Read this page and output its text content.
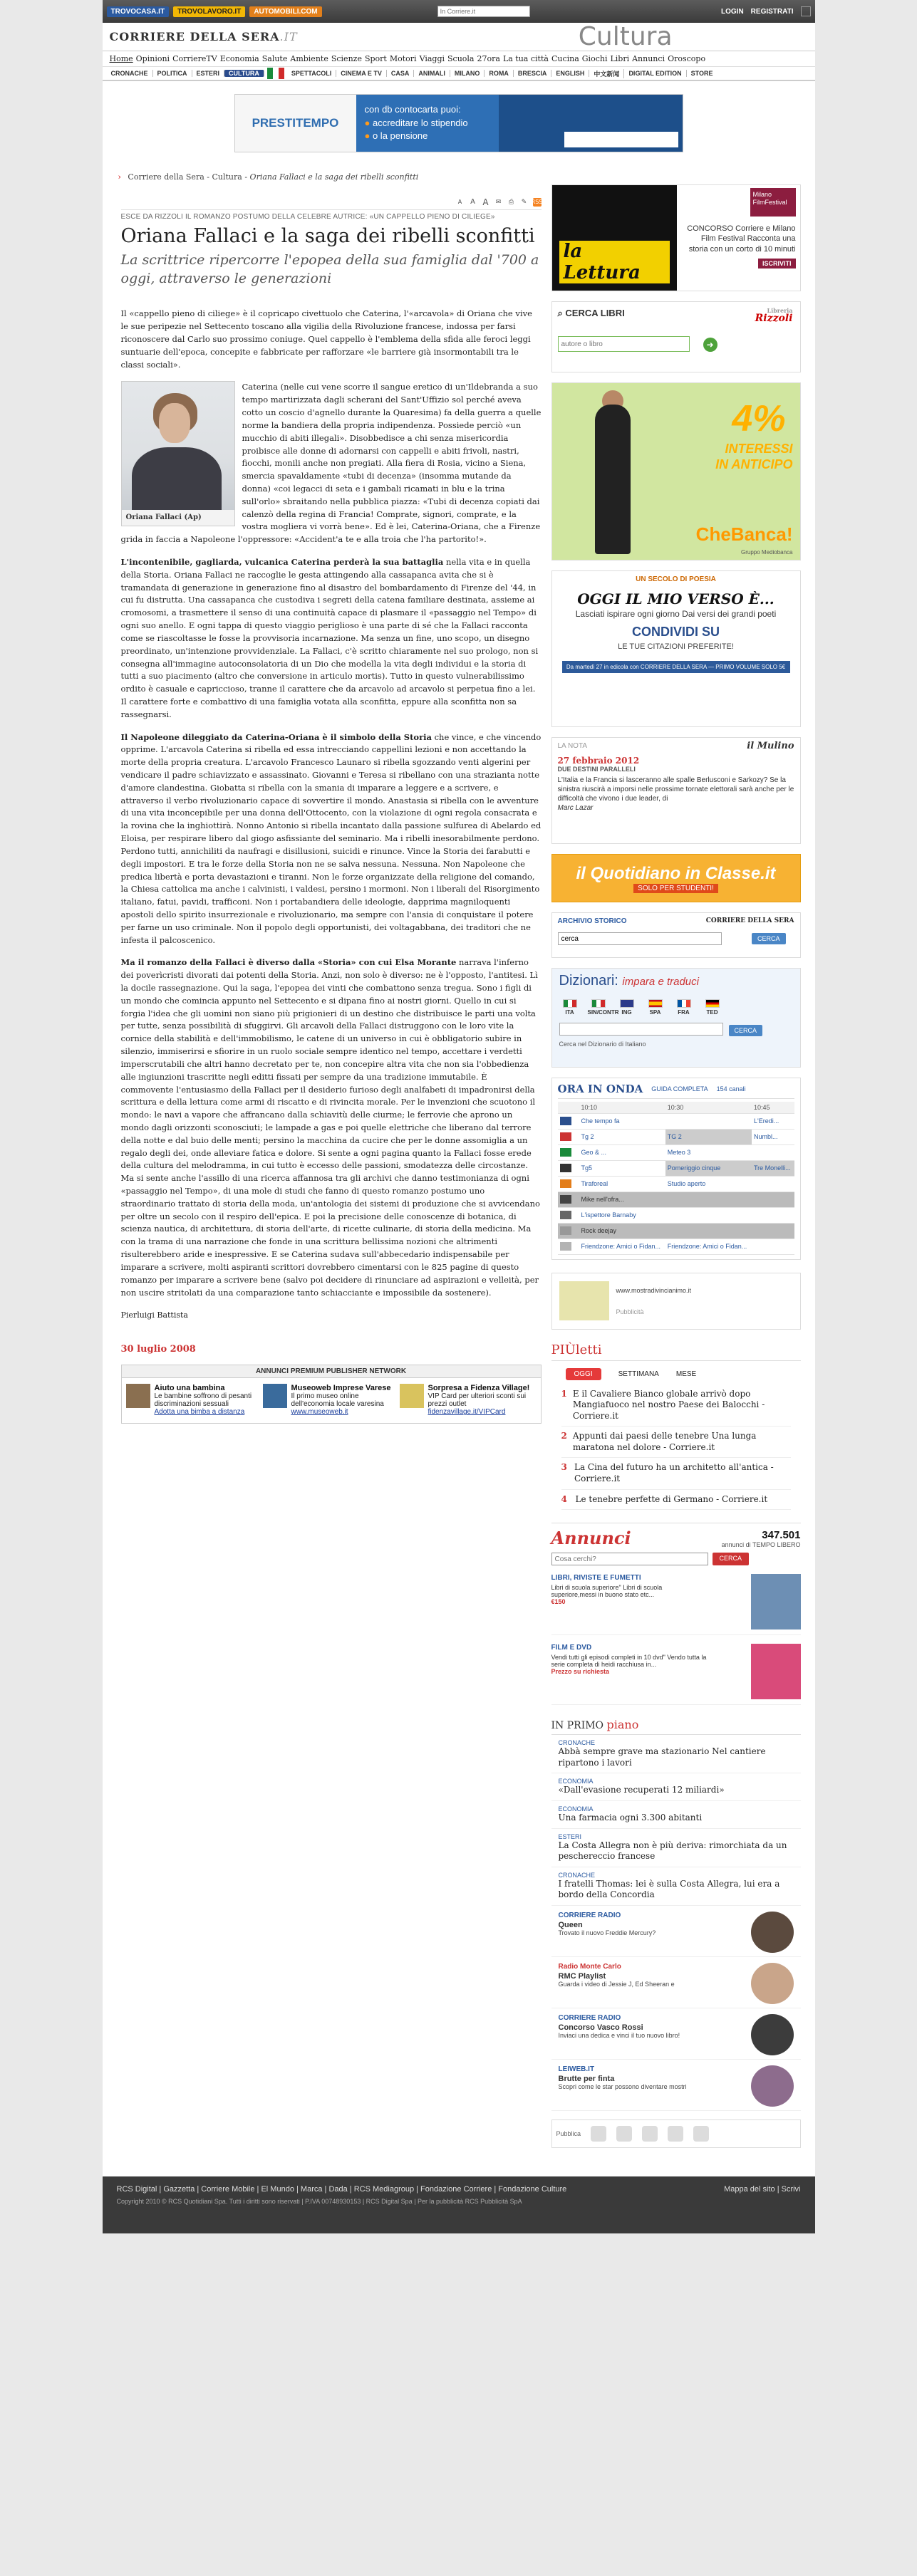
TROVOCASA.IT	TROVOLAVORO.IT	AUTOMOBILI.COM
In Corriere.it	LOGIN REGISTRATI
CORRIERE DELLA SERA.IT	Cultura
Home Opinioni CorriereTV Economia Salute Ambiente Scienze Sport Motori Viaggi Scuola 27ora La tua città Cucina Giochi Libri Annunci Oroscopo
CRONACHE	POLITICA	ESTERI	CULTURA	SPETTACOLI	CINEMA E TV	CASA	ANIMALI	MILANO	ROMA	BRESCIA	ENGLISH	中文新闻	DIGITAL EDITION	STORE
PRESTITEMPO
con db contocarta puoi:
● accreditare lo stipendio
● o la pensione
› Corriere della Sera - Cultura - Oriana Fallaci e la saga dei ribelli sconfitti
A	A A ✉ ⎙ ✎ RSS
ESCE DA RIZZOLI IL ROMANZO POSTUMO DELLA CELEBRE AUTRICE: «UN CAPPELLO PIENO DI CILIEGE»
Oriana Fallaci e la saga dei ribelli sconfitti
La scrittrice ripercorre l'epopea della sua famiglia dal '700 a oggi, attraverso le generazioni

Il «cappello pieno di ciliege» è il copricapo civettuolo che Caterina, l'«arcavola» di Oriana che vive le sue peripezie nel Settecento toscano alla vigilia della Rivoluzione francese, indossa per farsi riconoscere dal Carlo suo prossimo coniuge. Quel cappello è l'emblema della sfida alle feroci leggi suntuarie dell'epoca, concepite e fabbricate per rafforzare «le barriere già insormontabili tra le classi sociali».

Oriana Fallaci (Ap)

Caterina (nelle cui vene scorre il sangue eretico di un'Ildebranda a suo tempo martirizzata dagli scherani del Sant'Uffizio sol perché aveva cotto un coscio d'agnello durante la Quaresima) fa della guerra a quelle norme la bandiera della propria indipendenza. Possiede perciò «un mucchio di abiti illegali». Disobbedisce a chi senza misericordia proibisce alle donne di adornarsi con cappelli e abiti frivoli, nastri, fiocchi, monili anche non pregiati. Alla fiera di Rosia, vicino a Siena, smercia spavaldamente «tubi di decenza» (insomma mutande da donna) «coi legacci di seta e i gambali ricamati in blu e la trina sull'orlo» sbraitando nella pubblica piazza: «Tubi di decenza copiati dai calenzò della regina di Francia! Comprate, signori, comprate, e la vostra mogliera vi vorrà bene». Ed è lei, Caterina-Oriana, che a Firenze grida in faccia a Napoleone l'oppressore: «Accident'a te e alla troia che l'ha partorito!».

L'incontenibile, gagliarda, vulcanica Caterina perderà la sua battaglia nella vita e in quella della Storia. Oriana Fallaci ne raccoglie le gesta attingendo alla cassapanca avita che si è tramandata di generazione in generazione fino al disastro del bombardamento di Firenze del '44, in cui fu distrutta. Una cassapanca che custodiva i segreti della catena familiare destinata, assieme ai cromosomi, a trasmettere il senso di una continuità capace di plasmare il «passaggio nel Tempo» di ogni suo anello. E ogni tappa di questo viaggio periglioso è una parte di sé che la Fallaci racconta come se riascoltasse le fosse la provvisoria incarnazione. Ma senza un fine, uno scopo, un disegno preordinato, un'intenzione provvidenziale. La Fallaci, c'è scritto chiaramente nel suo prologo, non si consegna all'immagine autoconsolatoria di un Dio che modella la vita degli individui e la storia di tutti a suo piacimento (altro che conversione in articulo mortis). Tutto in questo vulnerabilissimo ordito è casuale e capriccioso, tranne il carattere che da arcavolo ad arcavolo si perpetua fino a lei. Il carattere forte e combattivo di una famiglia votata alla sconfitta, eppure alla sconfitta non sa rassegnarsi.

Il Napoleone dileggiato da Caterina-Oriana è il simbolo della Storia che vince, e che vincendo opprime. L'arcavola Caterina si ribella ed essa intrecciando cappellini lezioni e non accettando la morte della propria creatura. L'arcavolo Francesco Launaro si ribella sgozzando venti algerini per vendicare il padre schiavizzato e assassinato. Giovanni e Teresa si ribellano con una strazianta notte d'amore clandestina. Giobatta si ribella con la smania di imparare a leggere e a scrivere, e attraverso il verbo rivoluzionario capace di sovvertire il mondo. Anastasia si ribella con le avventure di una vita inconcepibile per una donna dell'Ottocento, con la violazione di ogni regola consacrata e la rovina che la inghiottirà. Nonno Antonio si ribella incantato dalla passione sulfurea di Abelardo ed Eloisa, per respirare libero dal giogo asfissiante del seminario. Ma i ribelli inesorabilmente perdono. Perdono tutti, annichiliti da naufragi e disillusioni, suicidi e rinunce. Vince la Storia dei farabutti e degli impostori. E tra le forze della Storia non ne se salva nessuna. Nessuna. Non Napoleone che predica libertà e porta devastazioni e tiranni. Non le forze organizzate della religione del comando, la Chiesa cattolica ma anche i calvinisti, i valdesi, persino i mormoni. Non i liberali del Risorgimento italiano, fatui, pavidi, trafficoni. Non i portabandiera delle ideologie, dapprima magniloquenti apostoli dello spirito insurrezionale e rivoluzionario, ma sempre con l'ansia di conquistare il potere per farne un uso criminale. Non il popolo degli opportunisti, dei voltagabbana, dei traditori che ne infesta il palcoscenico.

Ma il romanzo della Fallaci è diverso dalla «Storia» con cui Elsa Morante narrava l'inferno dei poverìcristi divorati dai potenti della Storia. Anzi, non solo è diverso: ne è l'opposto, l'antitesi. Lì la docile rassegnazione. Qui la saga, l'epopea dei vinti che combattono senza tregua. Sono i figli di un mondo che comincia appunto nel Settecento e si dipana fino ai nostri giorni. Quello in cui si forgia l'idea che gli uomini non siano più prigionieri di un destino che distribuisce le parti una volta per tutte, senza possibilità di sfuggirvi. Gli arcavoli della Fallaci distruggono con le loro vite la cornice della stabilità e dell'immobilismo, le catene di un universo in cui è obbligatorio subire in silenzio, immiserirsi e sfiorire in un ruolo sociale sempre identico nel tempo, accettare i verdetti imperscrutabili che altri hanno decretato per te, non concepire altra vita che non sia l'obbedienza alle ingiunzioni trascritte negli editti fissati per sempre da una tradizione immutabile. È commovente l'entusiasmo della Fallaci per il desiderio furioso degli analfabeti di impadronirsi della scrittura e della lettura come armi di riscatto e di rivincita morale. Per le invenzioni che scuotono il mondo: le navi a vapore che affrancano dalla schiavitù delle ciurme; le ferrovie che aprono un mondo dagli orizzonti sconosciuti; le lampade a gas e poi quelle elettriche che liberano dal terrore della notte e dal buio delle menti; persino la macchina da cucire che per le donne assomiglia a un regalo degli dei, onde alleviare fatica e dolore. Si sente a ogni pagina quanto la Fallaci fosse erede della cultura del melodramma, in cui tutto è eccesso delle passioni, smodatezza delle circostanze. Ma si sente anche l'assillo di una ricerca affannosa tra gli archivi che danno testimonianza di ogni «passaggio nel Tempo», di una mole di studi che fanno di questo romanzo postumo uno straordinario trattato di storia della moda, un'antologia dei sistemi di produzione che si avvicendano per oltre un secolo con il respiro dell'epica. E poi la precisione delle conoscenze di botanica, di scienza nautica, di architettura, di storia dell'arte, di ricette culinarie, di storia della medicina. Ma con la trama di una narrazione che fonde in una scrittura bellissima nozioni che altrimenti risulterebbero aride e inespressive. E se Caterina sudava sull'abbecedario indispensabile per imparare a scrivere, molti aspiranti scrittori dovrebbero cimentarsi con le 825 pagine di questo romanzo per imparare a scrivere bene (salvo poi decidere di rinunciare ad aspirazioni e velleità, per non uscire stritolati da una comparazione tanto schiacciante e impossibile da sostenere).

Pierluigi Battista
30 luglio 2008
ANNUNCI PREMIUM PUBLISHER NETWORK
Aiuto una bambina
Le bambine soffrono di pesanti discriminazioni sessuali
Adotta una bimba a distanza
Museoweb Imprese Varese
Il primo museo online dell'economia locale varesina
www.museoweb.it
Sorpresa a Fidenza Village!
VIP Card per ulteriori sconti sui prezzi outlet
fidenzavillage.it/VIPCard
la Lettura
Milano FilmFestival
CONCORSO Corriere e Milano Film Festival Racconta una storia con un corto di 10 minuti
ISCRIVITI
⌕ CERCA LIBRI	Libreria
Rizzoli
autore o libro
➜
4%
INTERESSI
IN ANTICIPO
CheBanca!
Gruppo Mediobanca
UN SECOLO DI POESIA
OGGI IL MIO VERSO È...
Lasciati ispirare ogni giorno Dai versi dei grandi poeti
CONDIVIDI SU
LE TUE CITAZIONI PREFERITE!
Da martedì 27 in edicola con CORRIERE DELLA SERA — PRIMO VOLUME SOLO 5€
LA NOTA	il Mulino
27 febbraio 2012
DUE DESTINI PARALLELI

L'Italia e la Francia si lasceranno alle spalle Berlusconi e Sarkozy? Se la sinistra riuscirà a imporsi nelle prossime tornate elettorali sarà anche per le difficoltà che vivono i due leader, di

Marc Lazar

il Quotidiano in Classe.it
SOLO PER STUDENTI!
ARCHIVIO STORICO	CORRIERE DELLA SERA
cerca
CERCA
Dizionari: impara e traduci
ITA	SIN/CONTR ING	SPA	FRA	TED
CERCA
Cerca nel Dizionario di Italiano
ORA IN ONDA GUIDA COMPLETA 154 canali
	10:10	10:30	10:45

	Che tempo fa		L'Eredi...

	Tg 2	TG 2	Numbl...

	Geo & ...	Meteo 3	

	Tg5	Pomeriggio cinque	Tre Monelli...

	Tiraforeal	Studio aperto	

	Mike nell'ofra...		

	L'ispettore Barnaby		

	Rock deejay		

	Friendzone: Amici o Fidan...	Friendzone: Amici o Fidan...	
www.mostradivincianimo.it
Pubblicità
PIÙletti
OGGI	SETTIMANA MESE
1 E il Cavaliere Bianco globale arrivò dopo Mangiafuoco nel nostro Paese dei Balocchi - Corriere.it
2 Appunti dai paesi delle tenebre Una lunga maratona nel dolore - Corriere.it
3 La Cina del futuro ha un architetto all'antica - Corriere.it
4 Le tenebre perfette di Germano - Corriere.it
Annunci	347.501
annunci di TEMPO LIBERO
Cosa cerchi?
CERCA
LIBRI, RIVISTE E FUMETTI
Libri di scuola superiore" Libri di scuola superiore,messi in buono stato etc...
€150
FILM E DVD
Vendi tutti gli episodi completi in 10 dvd" Vendo tutta la serie completa di heidi racchiusa in...
Prezzo su richiesta
IN PRIMO piano
CRONACHE
Abbà sempre grave ma stazionario Nel cantiere ripartono i lavori
ECONOMIA
«Dall'evasione recuperati 12 miliardi»
ECONOMIA
Una farmacia ogni 3.300 abitanti
ESTERI
La Costa Allegra non è più deriva: rimorchiata da un peschereccio francese
CRONACHE
I fratelli Thomas: lei è sulla Costa Allegra, lui era a bordo della Concordia
CORRIERE RADIO
Queen
Trovato il nuovo Freddie Mercury?
Radio Monte Carlo
RMC Playlist
Guarda i video di Jessie J, Ed Sheeran e
CORRIERE RADIO
Concorso Vasco Rossi
Inviaci una dedica e vinci il tuo nuovo libro!
LEIWEB.IT
Brutte per finta
Scopri come le star possono diventare mostri
Pubblica
RCS Digital | Gazzetta | Corriere Mobile | El Mundo | Marca | Dada | RCS Mediagroup | Fondazione Corriere | Fondazione Culture
Copyright 2010 © RCS Quotidiani Spa. Tutti i diritti sono riservati | P.IVA 00748930153 | RCS Digital Spa | Per la pubblicità RCS Pubblicità SpA
Mappa del sito | Scrivi
